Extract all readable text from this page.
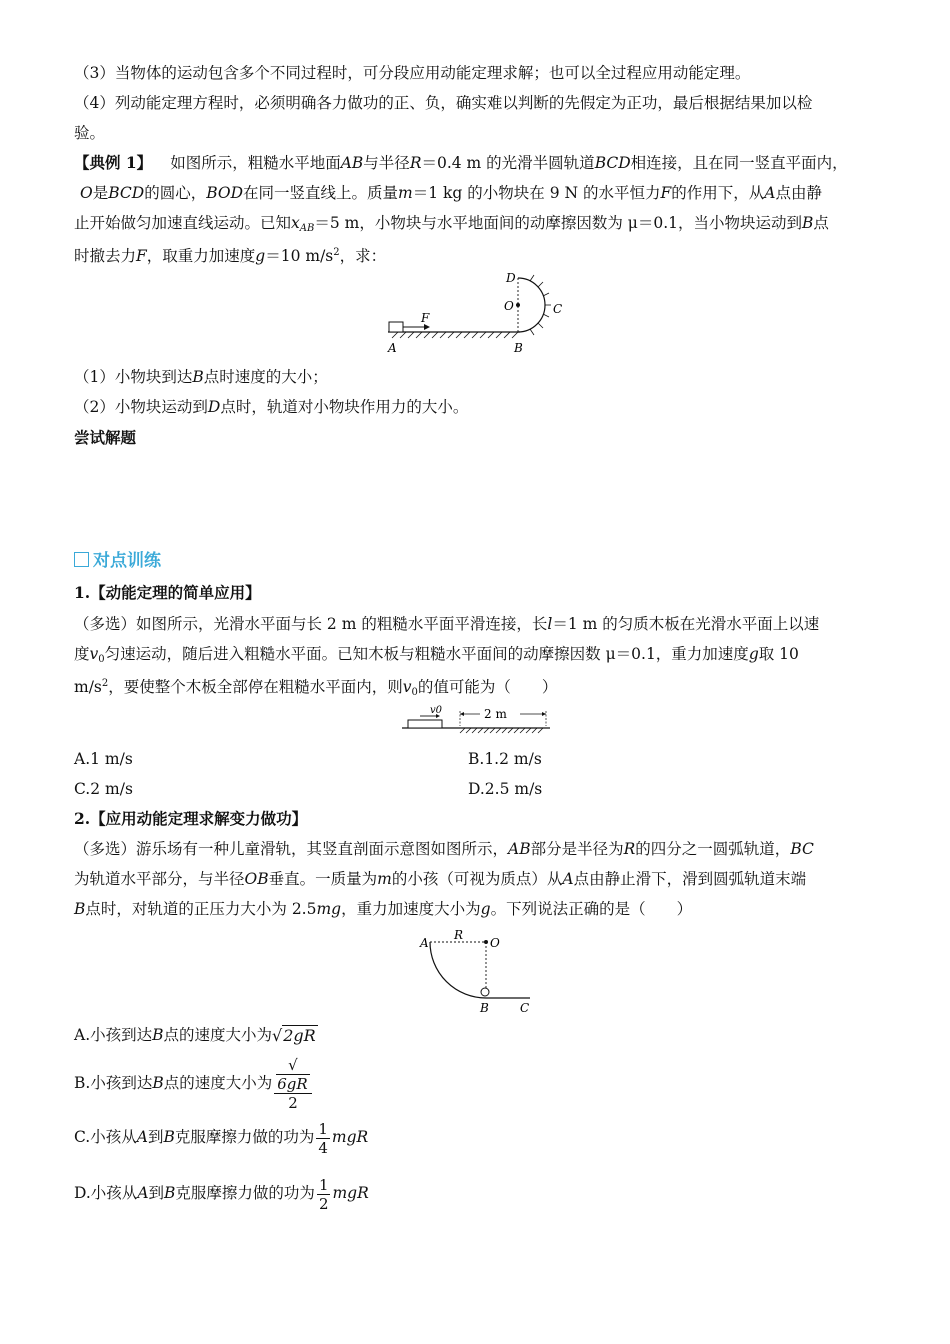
（3）当物体的运动包含多个不同过程时，可分段应用动能定理求解；也可以全过程应用动能定理。
（4）列动能定理方程时，必须明确各力做功的正、负，确实难以判断的先假定为正功，最后根据结果加以检
验。
【典例 1】 如图所示，粗糙水平地面AB与半径R＝0.4 m 的光滑半圆轨道BCD相连接，且在同一竖直平面内，
O是BCD的圆心，BOD在同一竖直线上。质量m＝1 kg 的小物块在 9 N 的水平恒力F的作用下，从A点由静
止开始做匀加速直线运动。已知$x_{AB}=5$ m，小物块与水平地面间的动摩擦因数为 μ＝0.1，当小物块运动到B点
时撤去力F，取重力加速度g＝10 $m/s^2$，求：
F
A	B
C
D
O
（1）小物块到达B点时速度的大小；
（2）小物块运动到D点时，轨道对小物块作用力的大小。
尝试解题
对点训练
1.【动能定理的简单应用】
（多选）如图所示，光滑水平面与长 2 m 的粗糙水平面平滑连接，长l＝1 m 的匀质木板在光滑水平面上以速
度$v_0$匀速运动，随后进入粗糙水平面。已知木板与粗糙水平面间的动摩擦因数 μ＝0.1，重力加速度g取 10
$m/s^2$，要使整个木板全部停在粗糙水平面内，则$v_0$的值可能为（　　）
v0	2 m
A.1 m/s	B.1.2 m/s
C.2 m/s	D.2.5 m/s
2.【应用动能定理求解变力做功】
（多选）游乐场有一种儿童滑轨，其竖直剖面示意图如图所示，AB部分是半径为R的四分之一圆弧轨道，BC
为轨道水平部分，与半径OB垂直。一质量为m的小孩（可视为质点）从A点由静止滑下，滑到圆弧轨道末端
B点时，对轨道的正压力大小为 2.5mg，重力加速度大小为g。下列说法正确的是（　　）
A
R
O
B	C
A.小孩到达B点的速度大小为√2gR
B.小孩到达B点的速度大小为 √
6gR
2
C.小孩从A到B克服摩擦力做的功为 $\frac{1}{4}$ mgR
D.小孩从A到B克服摩擦力做的功为 $\frac{1}{2}$ mgR
